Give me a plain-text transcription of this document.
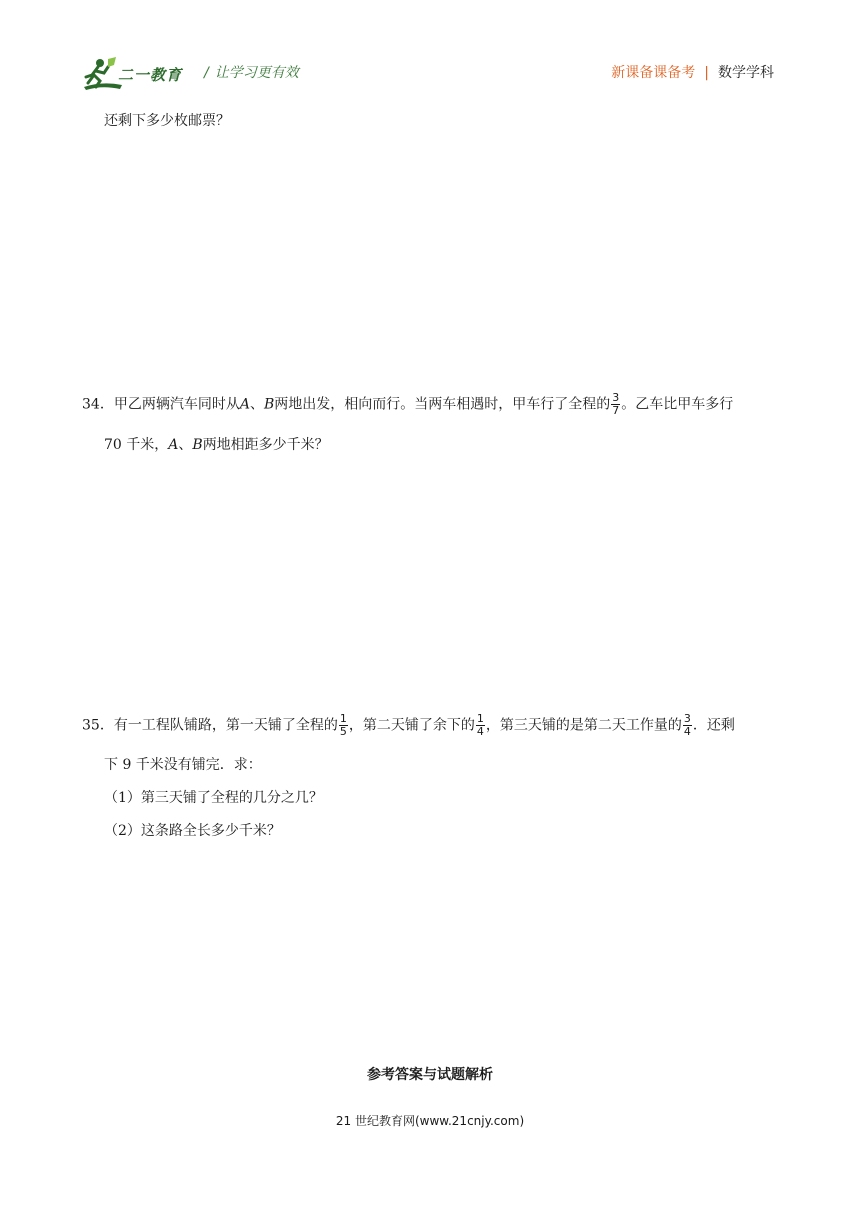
二一教育 / 让学习更有效	新课备课备考 | 数学学科
还剩下多少枚邮票？
34．甲乙两辆汽车同时从A、B两地出发，相向而行。当两车相遇时，甲车行了全程的 $\frac{3}{7}$ 。乙车比甲车多行
70 千米，A、B两地相距多少千米？
35．有一工程队铺路，第一天铺了全程的 $\frac{1}{5}$ ，第二天铺了余下的 $\frac{1}{4}$ ，第三天铺的是第二天工作量的 $\frac{3}{4}$ ．还剩
下 9 千米没有铺完．求：
（1）第三天铺了全程的几分之几？
（2）这条路全长多少千米？
参考答案与试题解析
21 世纪教育网(www.21cnjy.com)
